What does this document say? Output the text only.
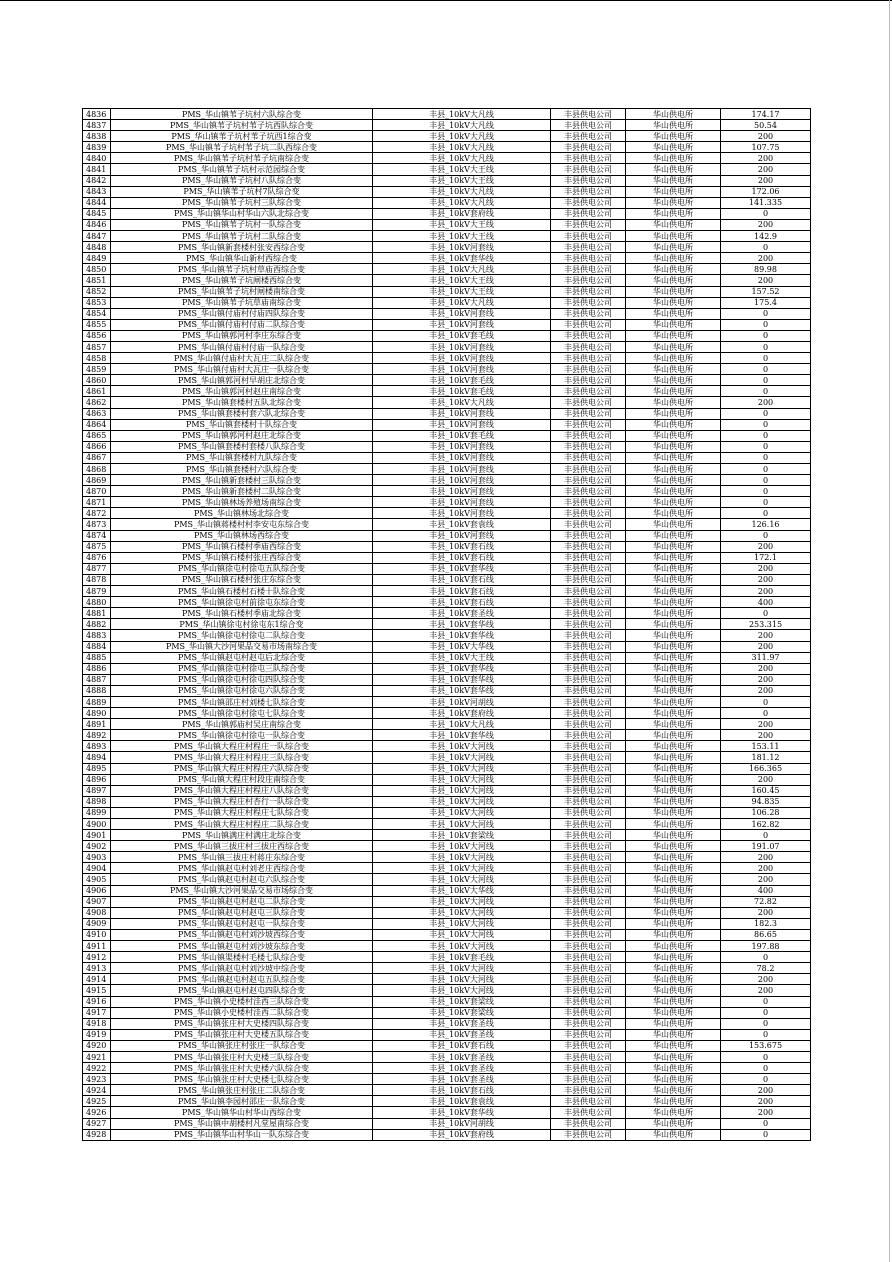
4836	PMS_华山镇苇子坑村六队综合变	丰县_10kV大凡线	丰县供电公司	华山供电所	174.17
4837	PMS_华山镇苇子坑村苇子坑西队综合变	丰县_10kV大凡线	丰县供电公司	华山供电所	50.54
4838	PMS_华山镇苇子坑村苇子坑西1综合变	丰县_10kV大凡线	丰县供电公司	华山供电所	200
4839	PMS_华山镇苇子坑村苇子坑二队西综合变	丰县_10kV大凡线	丰县供电公司	华山供电所	107.75
4840	PMS_华山镇苇子坑村苇子坑南综合变	丰县_10kV大凡线	丰县供电公司	华山供电所	200
4841	PMS_华山镇苇子坑村示范园综合变	丰县_10kV大王线	丰县供电公司	华山供电所	200
4842	PMS_华山镇苇子坑村八队综合变	丰县_10kV大王线	丰县供电公司	华山供电所	200
4843	PMS_华山镇苇子坑村7队综合变	丰县_10kV大凡线	丰县供电公司	华山供电所	172.06
4844	PMS_华山镇苇子坑村三队综合变	丰县_10kV大凡线	丰县供电公司	华山供电所	141.335
4845	PMS_华山镇华山村华山六队北综合变	丰县_10kV套府线	丰县供电公司	华山供电所	0
4846	PMS_华山镇苇子坑村一队综合变	丰县_10kV大王线	丰县供电公司	华山供电所	200
4847	PMS_华山镇苇子坑村二队综合变	丰县_10kV大王线	丰县供电公司	华山供电所	142.9
4848	PMS_华山镇新套楼村张安西综合变	丰县_10kV河套线	丰县供电公司	华山供电所	0
4849	PMS_华山镇华山新村西综合变	丰县_10kV套华线	丰县供电公司	华山供电所	200
4850	PMS_华山镇苇子坑村草庙西综合变	丰县_10kV大凡线	丰县供电公司	华山供电所	89.98
4851	PMS_华山镇苇子坑闸楼西综合变	丰县_10kV大王线	丰县供电公司	华山供电所	200
4852	PMS_华山镇苇子坑村闸楼南综合变	丰县_10kV大王线	丰县供电公司	华山供电所	157.52
4853	PMS_华山镇苇子坑草庙南综合变	丰县_10kV大凡线	丰县供电公司	华山供电所	175.4
4854	PMS_华山镇付庙村付庙四队综合变	丰县_10kV河套线	丰县供电公司	华山供电所	0
4855	PMS_华山镇付庙村付庙二队综合变	丰县_10kV河套线	丰县供电公司	华山供电所	0
4856	PMS_华山镇郭河村李庄东综合变	丰县_10kV套毛线	丰县供电公司	华山供电所	0
4857	PMS_华山镇付庙村付庙一队综合变	丰县_10kV河套线	丰县供电公司	华山供电所	0
4858	PMS_华山镇付庙村大瓦庄二队综合变	丰县_10kV河套线	丰县供电公司	华山供电所	0
4859	PMS_华山镇付庙村大瓦庄一队综合变	丰县_10kV河套线	丰县供电公司	华山供电所	0
4860	PMS_华山镇郭河村早胡庄北综合变	丰县_10kV套毛线	丰县供电公司	华山供电所	0
4861	PMS_华山镇郭河村赵庄南综合变	丰县_10kV套毛线	丰县供电公司	华山供电所	0
4862	PMS_华山镇套楼村五队北综合变	丰县_10kV大凡线	丰县供电公司	华山供电所	200
4863	PMS_华山镇套楼村套六队北综合变	丰县_10kV河套线	丰县供电公司	华山供电所	0
4864	PMS_华山镇套楼村十队综合变	丰县_10kV河套线	丰县供电公司	华山供电所	0
4865	PMS_华山镇郭河村赵庄北综合变	丰县_10kV套毛线	丰县供电公司	华山供电所	0
4866	PMS_华山镇套楼村套楼八队综合变	丰县_10kV河套线	丰县供电公司	华山供电所	0
4867	PMS_华山镇套楼村九队综合变	丰县_10kV河套线	丰县供电公司	华山供电所	0
4868	PMS_华山镇套楼村六队综合变	丰县_10kV河套线	丰县供电公司	华山供电所	0
4869	PMS_华山镇新套楼村三队综合变	丰县_10kV河套线	丰县供电公司	华山供电所	0
4870	PMS_华山镇新套楼村二队综合变	丰县_10kV河套线	丰县供电公司	华山供电所	0
4871	PMS_华山镇林场养殖场南综合变	丰县_10kV河套线	丰县供电公司	华山供电所	0
4872	PMS_华山镇林场北综合变	丰县_10kV河套线	丰县供电公司	华山供电所	0
4873	PMS_华山镇蒋楼村村李安屯东综合变	丰县_10kV套袁线	丰县供电公司	华山供电所	126.16
4874	PMS_华山镇林场西综合变	丰县_10kV河套线	丰县供电公司	华山供电所	0
4875	PMS_华山镇石楼村季庙西综合变	丰县_10kV套石线	丰县供电公司	华山供电所	200
4876	PMS_华山镇石楼村张庄西综合变	丰县_10kV套石线	丰县供电公司	华山供电所	172.1
4877	PMS_华山镇徐屯村徐屯五队综合变	丰县_10kV套华线	丰县供电公司	华山供电所	200
4878	PMS_华山镇石楼村张庄东综合变	丰县_10kV套石线	丰县供电公司	华山供电所	200
4879	PMS_华山镇石楼村石楼十队综合变	丰县_10kV套石线	丰县供电公司	华山供电所	200
4880	PMS_华山镇徐屯村前徐屯东综合变	丰县_10kV套石线	丰县供电公司	华山供电所	400
4881	PMS_华山镇石楼村季庙北综合变	丰县_10kV套圣线	丰县供电公司	华山供电所	0
4882	PMS_华山镇徐屯村徐屯东1综合变	丰县_10kV套华线	丰县供电公司	华山供电所	253.315
4883	PMS_华山镇徐屯村徐屯二队综合变	丰县_10kV套华线	丰县供电公司	华山供电所	200
4884	PMS_华山镇大沙河果品交易市场南综合变	丰县_10kV大华线	丰县供电公司	华山供电所	200
4885	PMS_华山镇赵屯村赵屯后北综合变	丰县_10kV大王线	丰县供电公司	华山供电所	311.97
4886	PMS_华山镇徐屯村徐屯三队综合变	丰县_10kV套华线	丰县供电公司	华山供电所	200
4887	PMS_华山镇徐屯村徐屯四队综合变	丰县_10kV套华线	丰县供电公司	华山供电所	200
4888	PMS_华山镇徐屯村徐屯六队综合变	丰县_10kV套华线	丰县供电公司	华山供电所	200
4889	PMS_华山镇邵庄村刘楼七队综合变	丰县_10kV河胡线	丰县供电公司	华山供电所	0
4890	PMS_华山镇徐屯村徐屯七队综合变	丰县_10kV套府线	丰县供电公司	华山供电所	0
4891	PMS_华山镇郭庙村吴庄南综合变	丰县_10kV大凡线	丰县供电公司	华山供电所	200
4892	PMS_华山镇徐屯村徐屯一队综合变	丰县_10kV套华线	丰县供电公司	华山供电所	200
4893	PMS_华山镇大程庄村程庄一队综合变	丰县_10kV大河线	丰县供电公司	华山供电所	153.11
4894	PMS_华山镇大程庄村程庄三队综合变	丰县_10kV大河线	丰县供电公司	华山供电所	181.12
4895	PMS_华山镇大程庄村程庄六队综合变	丰县_10kV大河线	丰县供电公司	华山供电所	166.365
4896	PMS_华山镇大程庄村段庄南综合变	丰县_10kV大河线	丰县供电公司	华山供电所	200
4897	PMS_华山镇大程庄村程庄八队综合变	丰县_10kV大河线	丰县供电公司	华山供电所	160.45
4898	PMS_华山镇大程庄村杏行一队综合变	丰县_10kV大河线	丰县供电公司	华山供电所	94.835
4899	PMS_华山镇大程庄村程庄七队综合变	丰县_10kV大河线	丰县供电公司	华山供电所	106.28
4900	PMS_华山镇大程庄村程庄二队综合变	丰县_10kV大河线	丰县供电公司	华山供电所	162.82
4901	PMS_华山镇满庄村满庄北综合变	丰县_10kV套梁线	丰县供电公司	华山供电所	0
4902	PMS_华山镇三拔庄村三拔庄西综合变	丰县_10kV大河线	丰县供电公司	华山供电所	191.07
4903	PMS_华山镇三拔庄村蒋庄东综合变	丰县_10kV大河线	丰县供电公司	华山供电所	200
4904	PMS_华山镇赵屯村刘老庄西综合变	丰县_10kV大河线	丰县供电公司	华山供电所	200
4905	PMS_华山镇赵屯村赵屯六队综合变	丰县_10kV大河线	丰县供电公司	华山供电所	200
4906	PMS_华山镇大沙河果品交易市场综合变	丰县_10kV大华线	丰县供电公司	华山供电所	400
4907	PMS_华山镇赵屯村赵屯二队综合变	丰县_10kV大河线	丰县供电公司	华山供电所	72.82
4908	PMS_华山镇赵屯村赵屯三队综合变	丰县_10kV大河线	丰县供电公司	华山供电所	200
4909	PMS_华山镇赵屯村赵屯一队综合变	丰县_10kV大河线	丰县供电公司	华山供电所	182.3
4910	PMS_华山镇赵屯村刘沙坡西综合变	丰县_10kV大河线	丰县供电公司	华山供电所	86.65
4911	PMS_华山镇赵屯村刘沙坡东综合变	丰县_10kV大河线	丰县供电公司	华山供电所	197.88
4912	PMS_华山镇渠楼村毛楼七队综合变	丰县_10kV套毛线	丰县供电公司	华山供电所	0
4913	PMS_华山镇赵屯村刘沙坡中综合变	丰县_10kV大河线	丰县供电公司	华山供电所	78.2
4914	PMS_华山镇赵屯村赵屯五队综合变	丰县_10kV大河线	丰县供电公司	华山供电所	200
4915	PMS_华山镇赵屯村赵屯四队综合变	丰县_10kV大河线	丰县供电公司	华山供电所	200
4916	PMS_华山镇小史楼村洼西三队综合变	丰县_10kV套梁线	丰县供电公司	华山供电所	0
4917	PMS_华山镇小史楼村洼西二队综合变	丰县_10kV套梁线	丰县供电公司	华山供电所	0
4918	PMS_华山镇张庄村大史楼四队综合变	丰县_10kV套圣线	丰县供电公司	华山供电所	0
4919	PMS_华山镇张庄村大史楼五队综合变	丰县_10kV套圣线	丰县供电公司	华山供电所	0
4920	PMS_华山镇张庄村张庄一队综合变	丰县_10kV套石线	丰县供电公司	华山供电所	153.675
4921	PMS_华山镇张庄村大史楼三队综合变	丰县_10kV套圣线	丰县供电公司	华山供电所	0
4922	PMS_华山镇张庄村大史楼六队综合变	丰县_10kV套圣线	丰县供电公司	华山供电所	0
4923	PMS_华山镇张庄村大史楼七队综合变	丰县_10kV套圣线	丰县供电公司	华山供电所	0
4924	PMS_华山镇张庄村张庄二队综合变	丰县_10kV套石线	丰县供电公司	华山供电所	200
4925	PMS_华山镇李园村邵庄一队综合变	丰县_10kV套袁线	丰县供电公司	华山供电所	200
4926	PMS_华山镇华山村华山西综合变	丰县_10kV套华线	丰县供电公司	华山供电所	200
4927	PMS_华山镇中胡楼村凡堂屋南综合变	丰县_10kV河胡线	丰县供电公司	华山供电所	0
4928	PMS_华山镇华山村华山一队东综合变	丰县_10kV套府线	丰县供电公司	华山供电所	0
